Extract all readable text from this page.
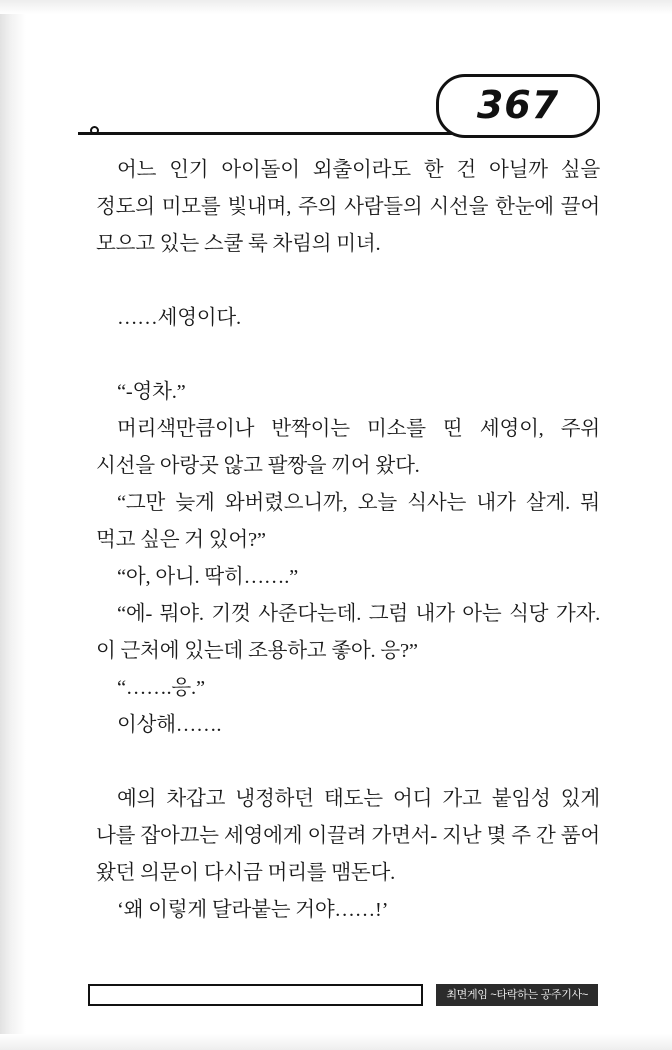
367

어느 인기 아이돌이 외출이라도 한 건 아닐까 싶을 정도의 미모를 빛내며, 주의 사람들의 시선을 한눈에 끌어 모으고 있는 스쿨 룩 차림의 미녀.

……세영이다.

“-영차.”

머리색만큼이나 반짝이는 미소를 띤 세영이, 주위 시선을 아랑곳 않고 팔짱을 끼어 왔다.

“그만 늦게 와버렸으니까, 오늘 식사는 내가 살게. 뭐 먹고 싶은 거 있어?”

“아, 아니. 딱히…….”

“에- 뭐야. 기껏 사준다는데. 그럼 내가 아는 식당 가자. 이 근처에 있는데 조용하고 좋아. 응?”

“…….응.”

이상해…….

예의 차갑고 냉정하던 태도는 어디 가고 붙임성 있게 나를 잡아끄는 세영에게 이끌려 가면서- 지난 몇 주 간 품어 왔던 의문이 다시금 머리를 맴돈다.

‘왜 이렇게 달라붙는 거야……!’

최면게임 ~타락하는 공주기사~
